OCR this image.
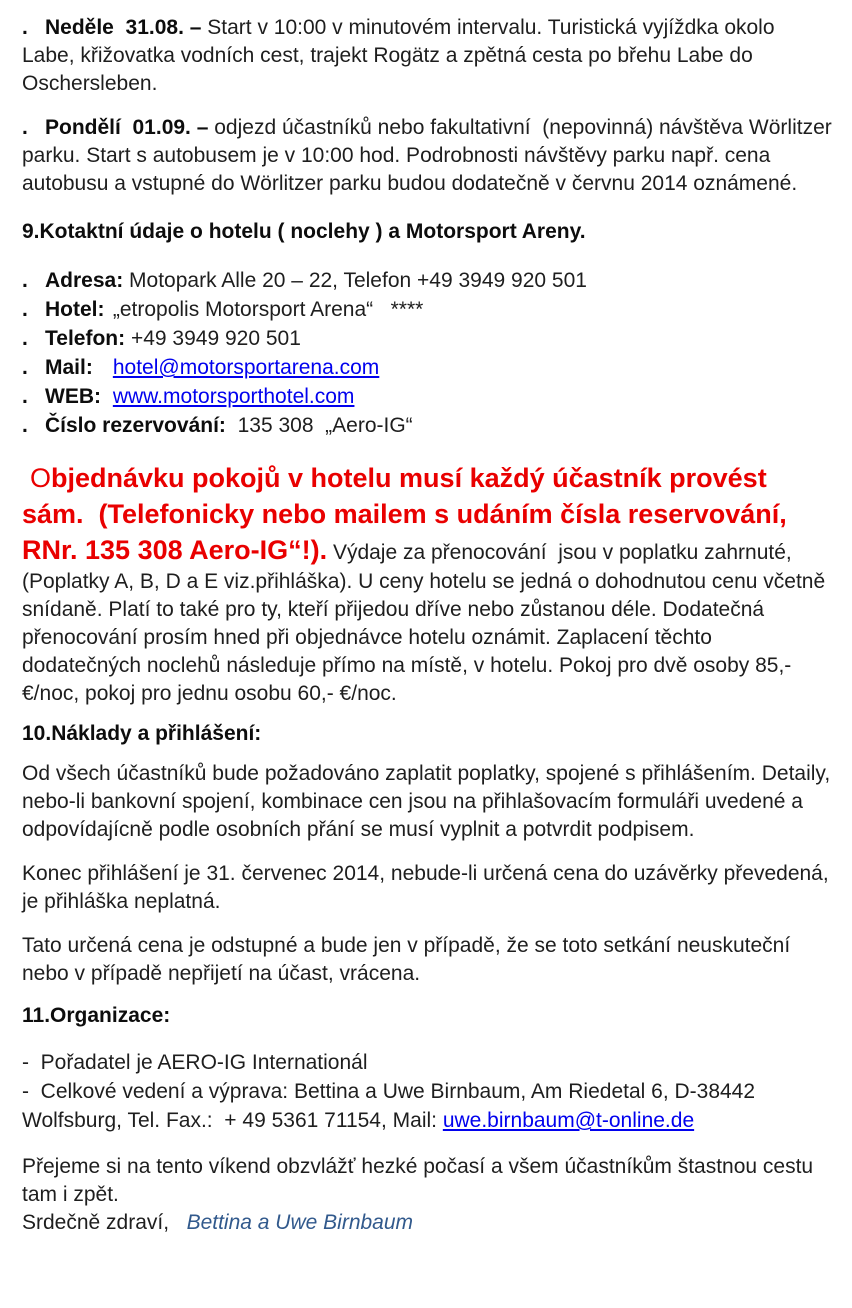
. Neděle  31.08. – Start v 10:00 v minutovém intervalu. Turistická vyjíždka okolo Labe, křižovatka vodních cest, trajekt Rogätz a zpětná cesta po břehu Labe do Oschersleben.

. Pondělí  01.09. – odjezd účastníků nebo fakultativní  (nepovinná) návštěva Wörlitzer parku. Start s autobusem je v 10:00 hod. Podrobnosti návštěvy parku např. cena autobusu a vstupné do Wörlitzer parku budou dodatečně v červnu 2014 oznámené.

9.Kotaktní údaje o hotelu ( noclehy ) a Motorsport Areny.
. Adresa: Motopark Alle 20 – 22, Telefon +49 3949 920 501
. Hotel: „etropolis Motorsport Arena“   ****
. Telefon: +49 3949 920 501
. Mail: hotel@motorsportarena.com
. WEB: www.motorsporthotel.com
. Číslo rezervování:  135 308  „Aero-IG“

Objednávku pokojů v hotelu musí každý účastník provést sám.  (Telefonicky nebo mailem s udáním čísla reservování, RNr. 135 308 Aero-IG“!). Výdaje za přenocování  jsou v poplatku zahrnuté, (Poplatky A, B, D a E viz.přihláška). U ceny hotelu se jedná o dohodnutou cenu včetně snídaně. Platí to také pro ty, kteří přijedou dříve nebo zůstanou déle. Dodatečná přenocování prosím hned při objednávce hotelu oznámit. Zaplacení těchto dodatečných noclehů následuje přímo na místě, v hotelu. Pokoj pro dvě osoby 85,- €/noc, pokoj pro jednu osobu 60,- €/noc.

10.Náklady a přihlášení:

Od všech účastníků bude požadováno zaplatit poplatky, spojené s přihlášením. Detaily, nebo-li bankovní spojení, kombinace cen jsou na přihlašovacím formuláři uvedené a odpovídajícně podle osobních přání se musí vyplnit a potvrdit podpisem.

Konec přihlášení je 31. červenec 2014, nebude-li určená cena do uzávěrky převedená, je přihláška neplatná.

Tato určená cena je odstupné a bude jen v případě, že se toto setkání neuskuteční nebo v případě nepřijetí na účast, vrácena.

11.Organizace:

-  Pořadatel je AERO-IG Internationál

-  Celkové vedení a výprava: Bettina a Uwe Birnbaum, Am Riedetal 6, D-38442 Wolfsburg, Tel. Fax.:  + 49 5361 71154, Mail: uwe.birnbaum@t-online.de

Přejeme si na tento víkend obzvlážť hezké počasí a všem účastníkům štastnou cestu tam i zpět.

Srdečně zdraví,   Bettina a Uwe Birnbaum
